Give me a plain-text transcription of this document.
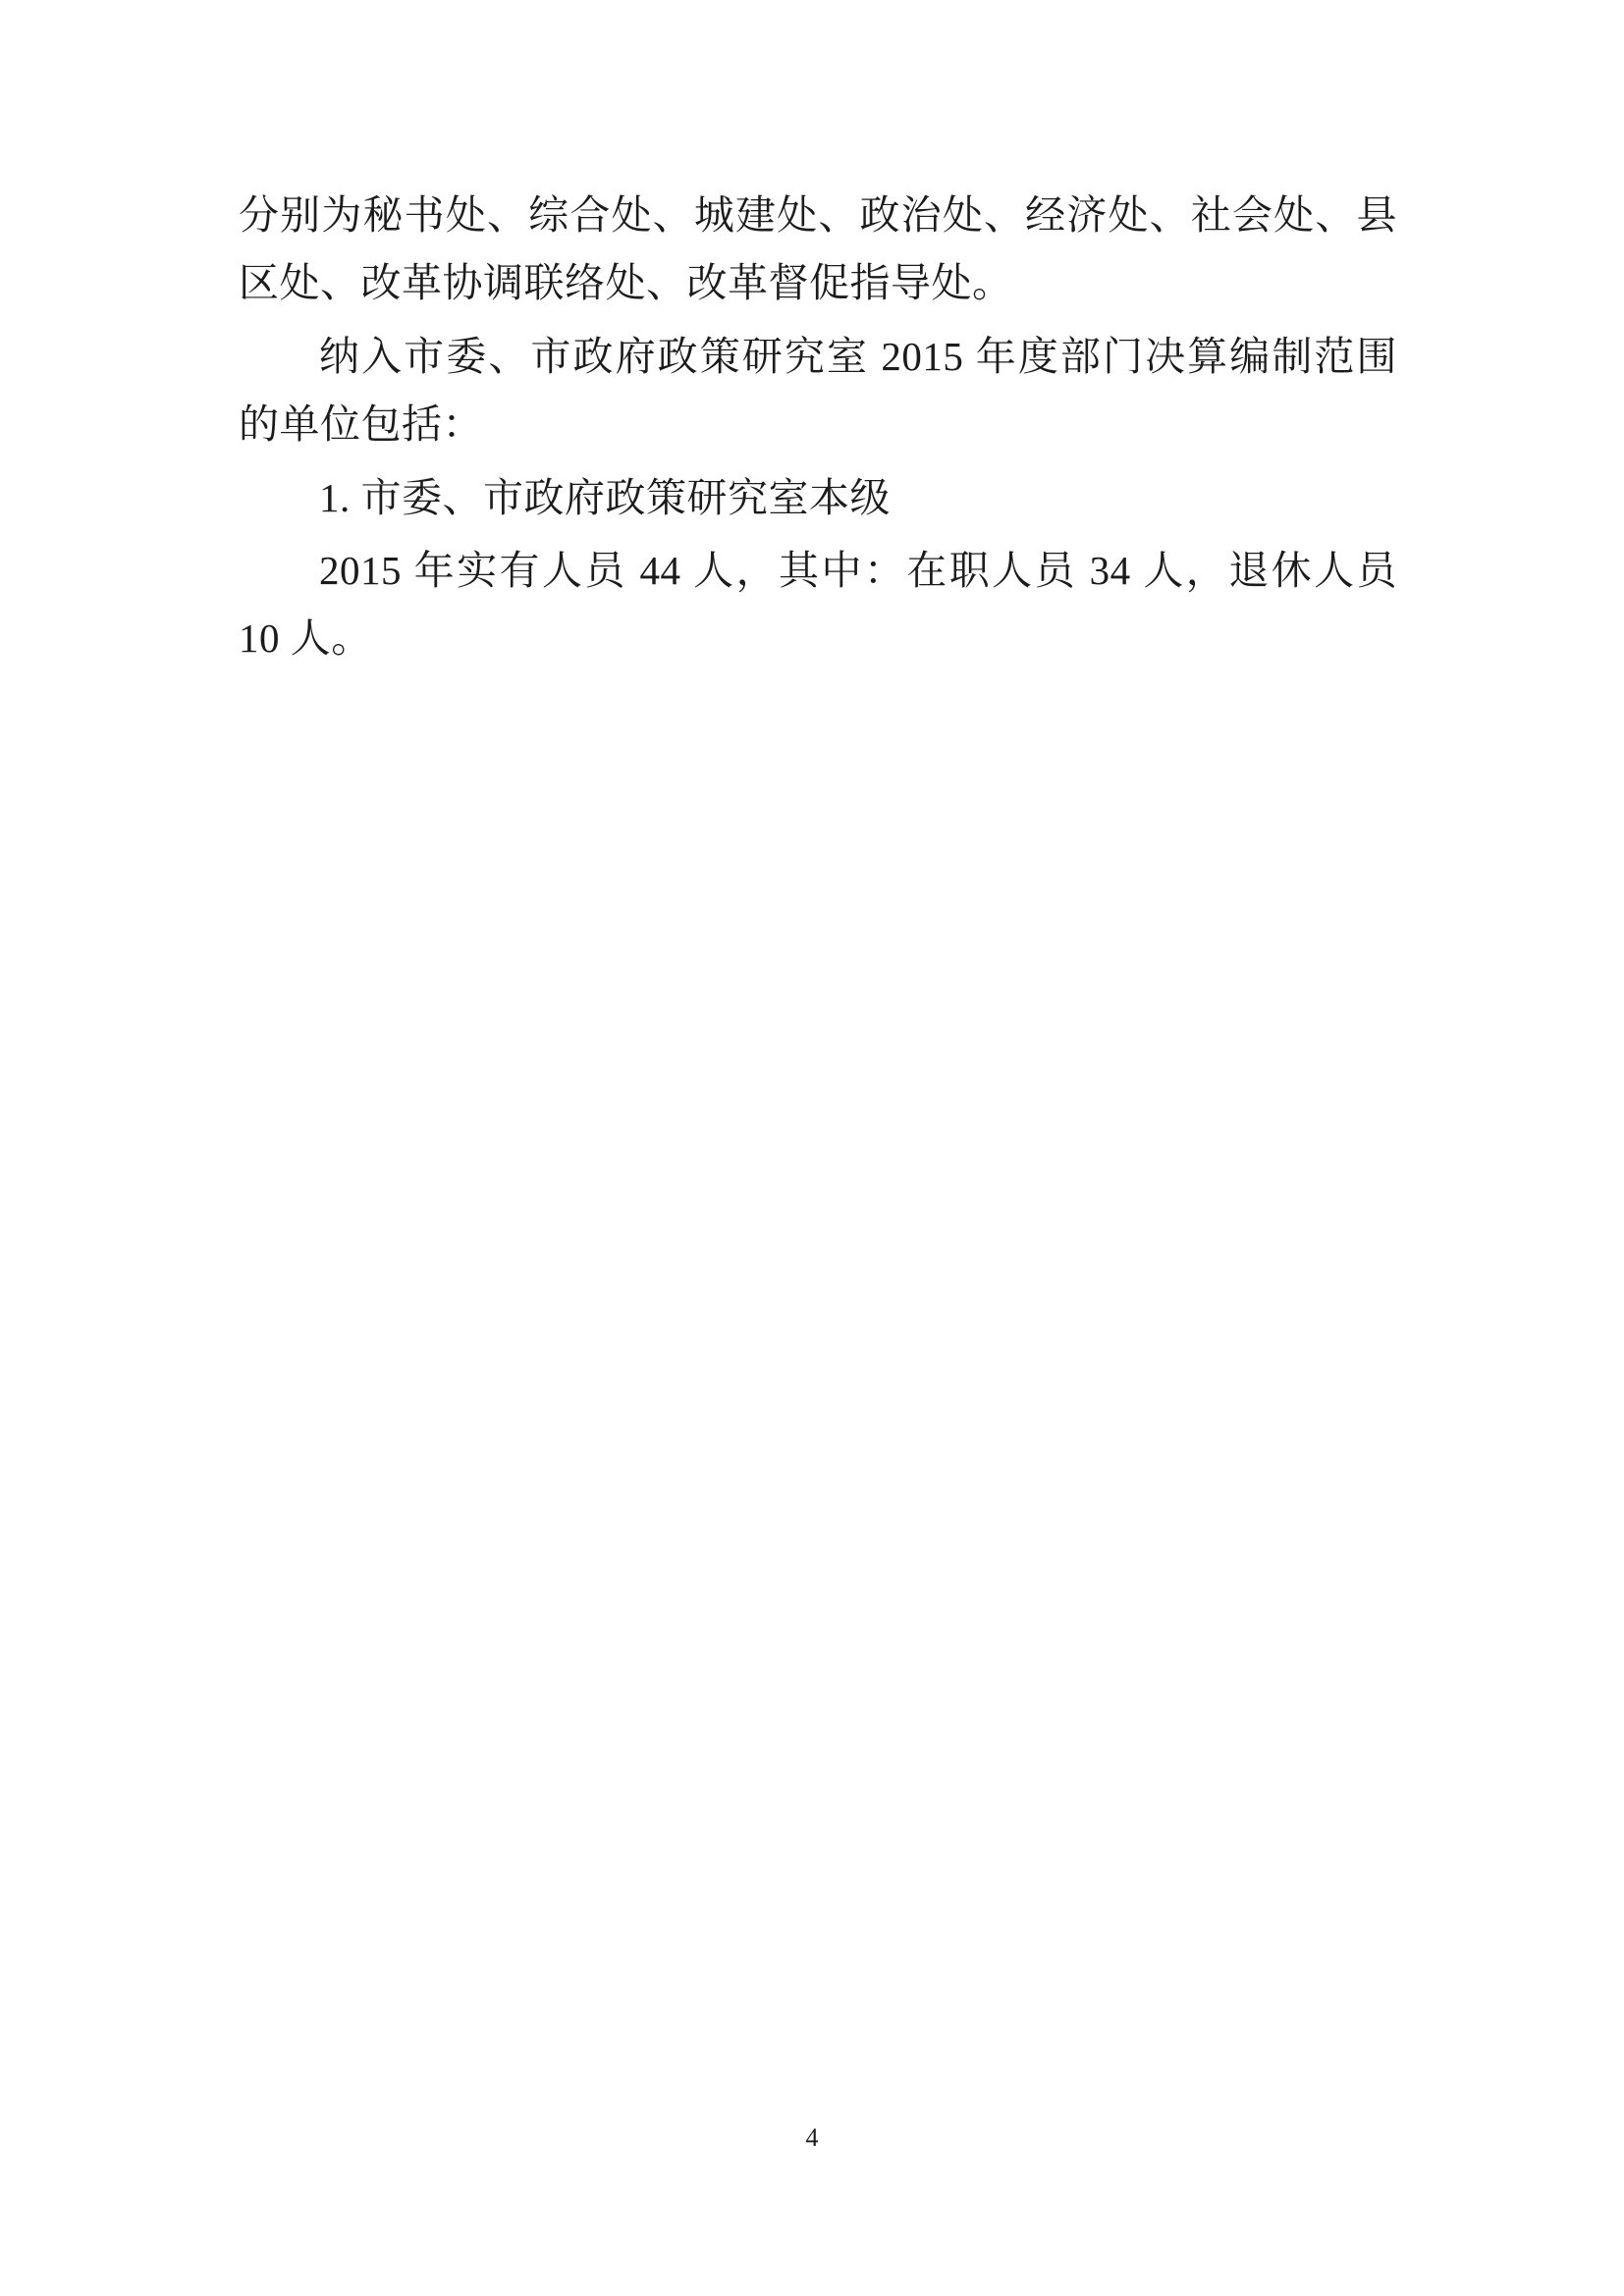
分别为秘书处、综合处、城建处、政治处、经济处、社会处、县区处、改革协调联络处、改革督促指导处。

纳入市委、市政府政策研究室 2015 年度部门决算编制范围的单位包括：

1. 市委、市政府政策研究室本级

2015 年实有人员 44 人，其中：在职人员 34 人，退休人员 10 人。

4
